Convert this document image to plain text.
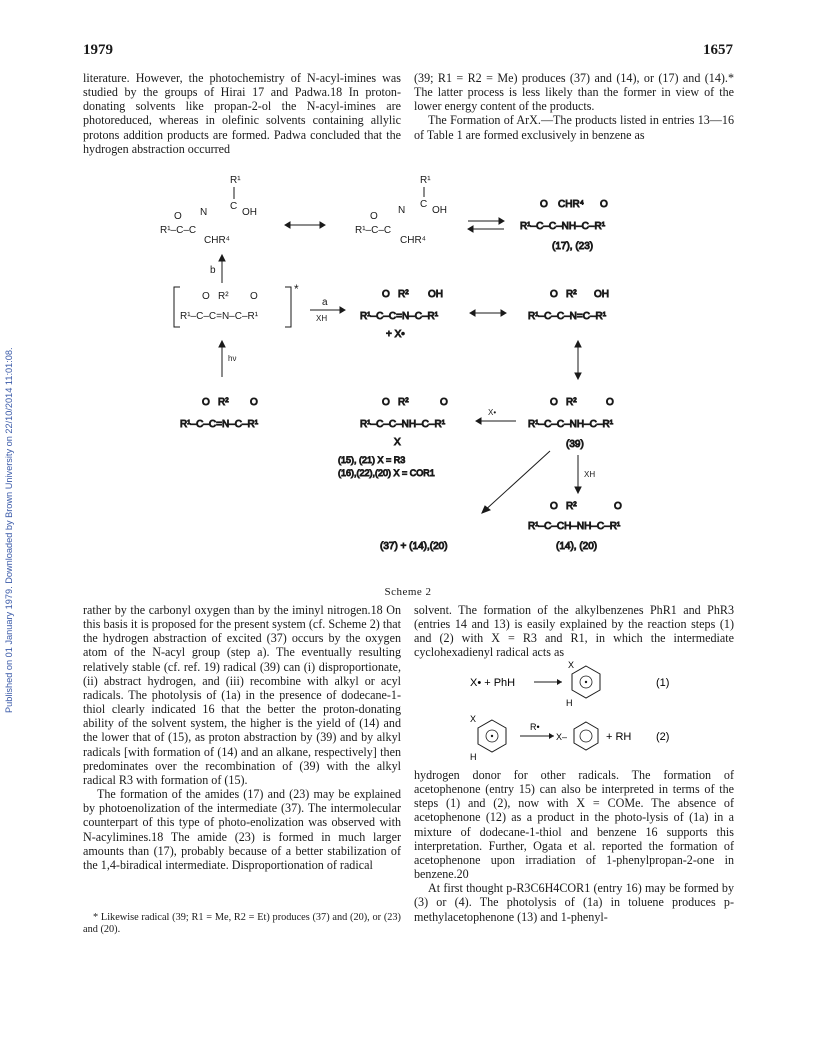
Published on 01 January 1979. Downloaded by Brown University on 22/10/2014 11:01:08.
1979	1657

literature. However, the photochemistry of N-acyl-imines was studied by the groups of Hirai 17 and Padwa.18 In proton-donating solvents like propan-2-ol the N-acyl-imines are photoreduced, whereas in olefinic solvents containing allylic protons addition products are formed. Padwa concluded that the hydrogen abstraction occurred

(39; R1 = R2 = Me) produces (37) and (14), or (17) and (14).* The latter process is less likely than the former in view of the lower energy content of the products.

The Formation of ArX.—The products listed in entries 13—16 of Table 1 are formed exclusively in benzene as

R¹
C
OH
N
R¹–C–C
CHR⁴
O
R¹
C
OH
N
R¹–C–C
CHR⁴
O
O CHR⁴ O
R¹–C–C–NH–C–R¹
(17), (23)
b
*
O R² O
R¹–C–C=N–C–R¹
a
XH
O R² OH
R¹–C–C=N–C–R¹
+ X•
O R² OH
R¹–C–C–N=C–R¹
hν
O R² O
R¹–C–C=N–C–R¹
O R²	O
R¹–C–C–NH–C–R¹
X
(15), (21) X = R3
(16),(22),(20) X = COR1
X•
O R²	O
R¹–C–C–NH–C–R¹
(39)
XH
O R²	O
R¹–C–CH–NH–C–R¹
(14), (20)
(37) + (14),(20)
Scheme 2

rather by the carbonyl oxygen than by the iminyl nitrogen.18 On this basis it is proposed for the present system (cf. Scheme 2) that the hydrogen abstraction of excited (37) occurs by the oxygen atom of the N-acyl group (step a). The eventually resulting relatively stable (cf. ref. 19) radical (39) can (i) disproportionate, (ii) abstract hydrogen, and (iii) recombine with alkyl or acyl radicals. The photolysis of (1a) in the presence of dodecane-1-thiol clearly indicated 16 that the better the proton-donating ability of the solvent system, the higher is the yield of (14) and the lower that of (15), as proton abstraction by (39) and by alkyl radicals [with formation of (14) and an alkane, respectively] then predominates over the recombination of (39) with the alkyl radical R3 with formation of (15).

The formation of the amides (17) and (23) may be explained by photoenolization of the intermediate (37). The intermolecular counterpart of this type of photo-enolization was observed with N-acylimines.18 The amide (23) is formed in much larger amounts than (17), probably because of a better stabilization of the 1,4-biradical intermediate. Disproportionation of radical

* Likewise radical (39; R1 = Me, R2 = Et) produces (37) and (20), or (23) and (20).

solvent. The formation of the alkylbenzenes PhR1 and PhR3 (entries 14 and 13) is easily explained by the reaction steps (1) and (2) with X = R3 and R1, in which the intermediate cyclohexadienyl radical acts as

X• + PhH
X
H
(1)
X
H
R•
X–	+ RH (2)

hydrogen donor for other radicals. The formation of acetophenone (entry 15) can also be interpreted in terms of the steps (1) and (2), now with X = COMe. The absence of acetophenone (12) as a product in the photo-lysis of (1a) in a mixture of dodecane-1-thiol and benzene 16 supports this interpretation. Further, Ogata et al. reported the formation of acetophenone upon irradiation of 1-phenylpropan-2-one in benzene.20

At first thought p-R3C6H4COR1 (entry 16) may be formed by (3) or (4). The photolysis of (1a) in toluene produces p-methylacetophenone (13) and 1-phenyl-
